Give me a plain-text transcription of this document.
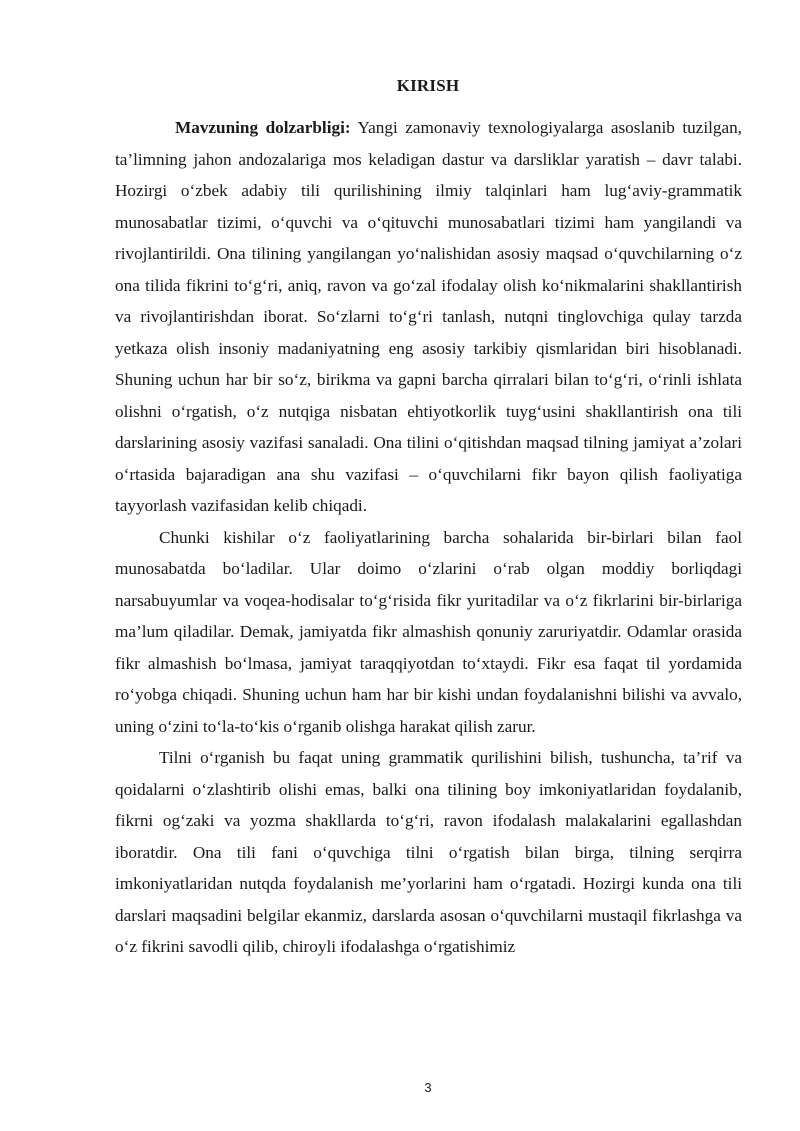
KIRISH

Mavzuning dolzarbligi: Yangi zamonaviy texnologiyalarga asoslanib tuzilgan, ta’limning jahon andozalariga mos keladigan dastur va darsliklar yaratish – davr talabi. Hozirgi o‘zbek adabiy tili qurilishining ilmiy talqinlari ham lug‘aviy-grammatik munosabatlar tizimi, o‘quvchi va o‘qituvchi munosabatlari tizimi ham yangilandi va rivojlantirildi. Ona tilining yangilangan yo‘nalishidan asosiy maqsad o‘quvchilarning o‘z ona tilida fikrini to‘g‘ri, aniq, ravon va go‘zal ifodalay olish ko‘nikmalarini shakllantirish va rivojlantirishdan iborat. So‘zlarni to‘g‘ri tanlash, nutqni tinglovchiga qulay tarzda yetkaza olish insoniy madaniyatning eng asosiy tarkibiy qismlaridan biri hisoblanadi. Shuning uchun har bir so‘z, birikma va gapni barcha qirralari bilan to‘g‘ri, o‘rinli ishlata olishni o‘rgatish, o‘z nutqiga nisbatan ehtiyotkorlik tuyg‘usini shakllantirish ona tili darslarining asosiy vazifasi sanaladi. Ona tilini o‘qitishdan maqsad tilning jamiyat a’zolari o‘rtasida bajaradigan ana shu vazifasi – o‘quvchilarni fikr bayon qilish faoliyatiga tayyorlash vazifasidan kelib chiqadi.

Chunki kishilar o‘z faoliyatlarining barcha sohalarida bir-birlari bilan faol munosabatda bo‘ladilar. Ular doimo o‘zlarini o‘rab olgan moddiy borliqdagi narsabuyumlar va voqea-hodisalar to‘g‘risida fikr yuritadilar va o‘z fikrlarini bir-birlariga ma’lum qiladilar. Demak, jamiyatda fikr almashish qonuniy zaruriyatdir. Odamlar orasida fikr almashish bo‘lmasa, jamiyat taraqqiyotdan to‘xtaydi. Fikr esa faqat til yordamida ro‘yobga chiqadi. Shuning uchun ham har bir kishi undan foydalanishni bilishi va avvalo, uning o‘zini to‘la-to‘kis o‘rganib olishga harakat qilish zarur.

Tilni o‘rganish bu faqat uning grammatik qurilishini bilish, tushuncha, ta’rif va qoidalarni o‘zlashtirib olishi emas, balki ona tilining boy imkoniyatlaridan foydalanib, fikrni og‘zaki va yozma shakllarda to‘g‘ri, ravon ifodalash malakalarini egallashdan iboratdir. Ona tili fani o‘quvchiga tilni o‘rgatish bilan birga, tilning serqirra imkoniyatlaridan nutqda foydalanish me’yorlarini ham o‘rgatadi. Hozirgi kunda ona tili darslari maqsadini belgilar ekanmiz, darslarda asosan o‘quvchilarni mustaqil fikrlashga va o‘z fikrini savodli qilib, chiroyli ifodalashga o‘rgatishimiz

3
